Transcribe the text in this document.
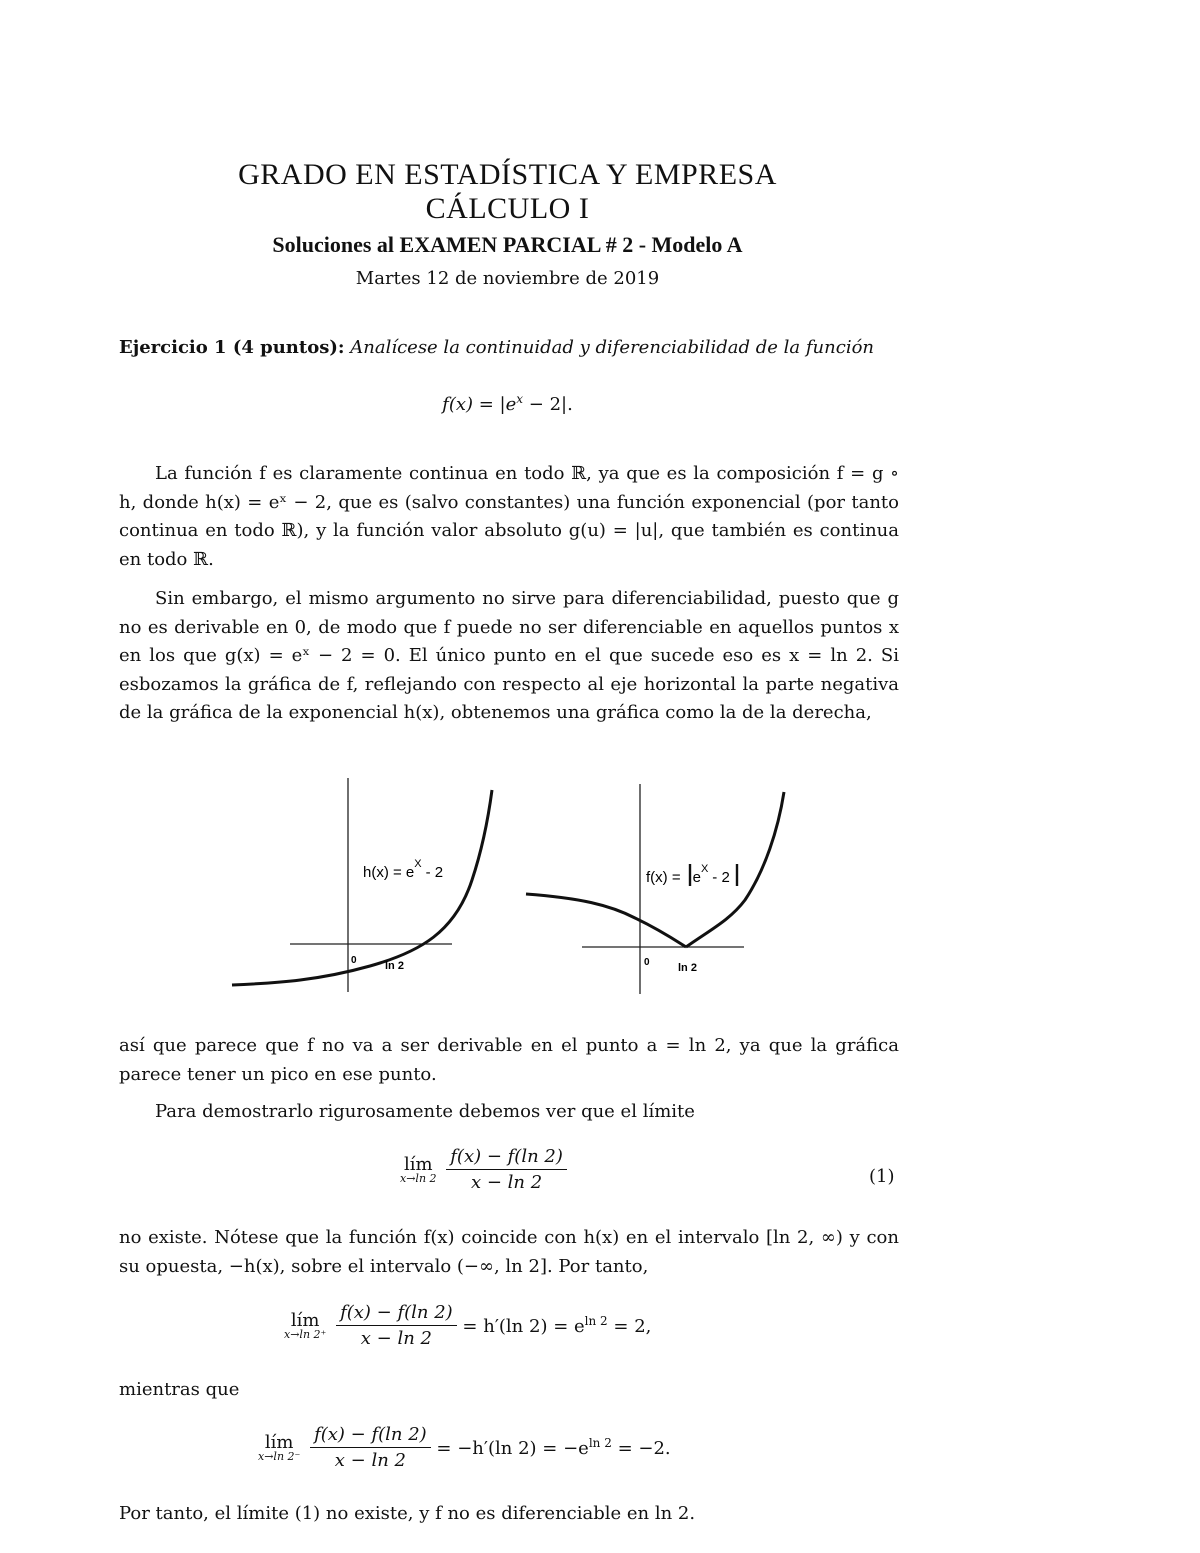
GRADO EN ESTADÍSTICA Y EMPRESA
CÁLCULO I
Soluciones al EXAMEN PARCIAL # 2 - Modelo A
Martes 12 de noviembre de 2019
Ejercicio 1 (4 puntos): Analícese la continuidad y diferenciabilidad de la función
$f(x) = |e^x - 2|$.
La función f es claramente continua en todo ℝ, ya que es la composición f = g ∘ h, donde h(x) = eˣ − 2, que es (salvo constantes) una función exponencial (por tanto continua en todo ℝ), y la función valor absoluto g(u) = |u|, que también es continua en todo ℝ.
Sin embargo, el mismo argumento no sirve para diferenciabilidad, puesto que g no es derivable en 0, de modo que f puede no ser diferenciable en aquellos puntos x en los que g(x) = eˣ − 2 = 0. El único punto en el que sucede eso es x = ln 2. Si esbozamos la gráfica de f, reflejando con respecto al eje horizontal la parte negativa de la gráfica de la exponencial h(x), obtenemos una gráfica como la de la derecha,
$h(x) = e^X - 2$
0	ln 2
$f(x) = e^X - 2$
0	ln 2
así que parece que f no va a ser derivable en el punto a = ln 2, ya que la gráfica parece tener un pico en ese punto.
Para demostrarlo rigurosamente debemos ver que el límite
lím
x→ln 2
$\frac{f(x) - f(\ln 2)}{x - \ln 2}$	(1)
no existe. Nótese que la función f(x) coincide con h(x) en el intervalo [ln 2, ∞) y con su opuesta, −h(x), sobre el intervalo (−∞, ln 2]. Por tanto,
lím
x→ln 2⁺
$\frac{f(x) - f(\ln 2)}{x - \ln 2} = h'(\ln$ $2) = e^{ln 2} = 2$,
mientras que
lím
x→ln 2⁻
$\frac{f(x) - f(\ln 2)}{x - \ln 2} = -h'(\ln$ $2) = -e^{ln 2} = -2$.
Por tanto, el límite (1) no existe, y f no es diferenciable en ln 2.
